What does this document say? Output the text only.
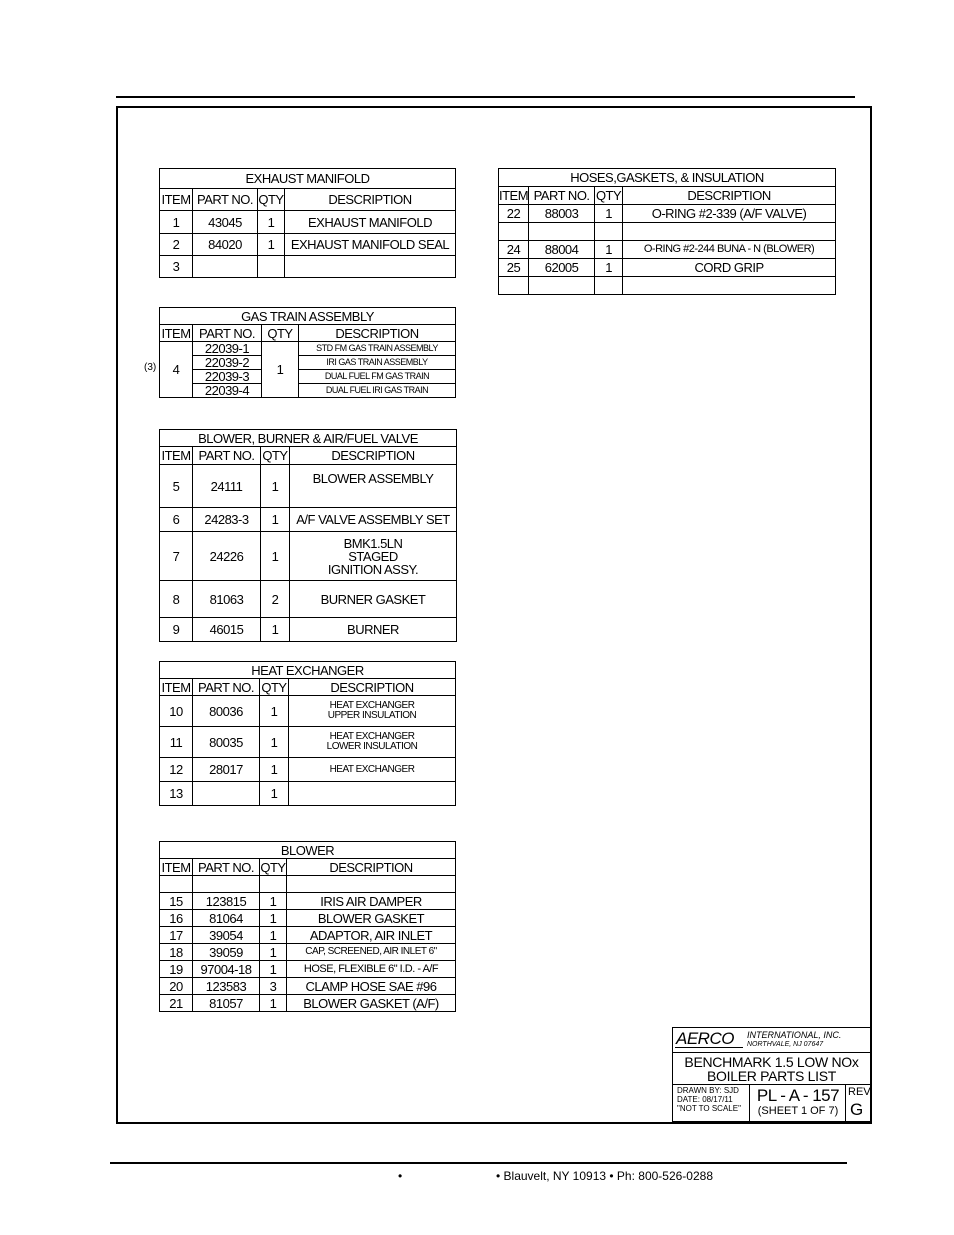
EXHAUST MANIFOLD			
ITEM	PART NO.	QTY	DESCRIPTION
1	43045	1	EXHAUST MANIFOLD
2	84020	1	EXHAUST MANIFOLD SEAL
3			
(3)
GAS TRAIN ASSEMBLY			
ITEM	PART NO.	QTY	DESCRIPTION
4	22039-1	1	STD FM GAS TRAIN ASSEMBLY
	22039-2		IRI GAS TRAIN ASSEMBLY
	22039-3		DUAL FUEL FM GAS TRAIN
	22039-4		DUAL FUEL IRI GAS TRAIN
BLOWER, BURNER & AIR/FUEL VALVE			
ITEM	PART NO.	QTY	DESCRIPTION
5	24111	1	BLOWER ASSEMBLY
6	24283-3	1	A/F VALVE ASSEMBLY SET
7	24226	1	BMK1.5LN STAGED IGNITION ASSY.
8	81063	2	BURNER GASKET
9	46015	1	BURNER
HEAT EXCHANGER			
ITEM	PART NO.	QTY	DESCRIPTION
10	80036	1	HEAT EXCHANGER UPPER INSULATION
11	80035	1	HEAT EXCHANGER LOWER INSULATION
12	28017	1	HEAT EXCHANGER
13		1	
BLOWER			
ITEM	PART NO.	QTY	DESCRIPTION

15	123815	1	IRIS AIR DAMPER
16	81064	1	BLOWER GASKET
17	39054	1	ADAPTOR, AIR INLET
18	39059	1	CAP, SCREENED, AIR INLET 6"
19	97004-18	1	HOSE, FLEXIBLE 6" I.D. - A/F
20	123583	3	CLAMP HOSE SAE #96
21	81057	1	BLOWER GASKET (A/F)
HOSES,GASKETS, & INSULATION			
ITEM	PART NO.	QTY	DESCRIPTION
22	88003	1	O-RING #2-339 (A/F VALVE)

24	88004	1	O-RING #2-244 BUNA - N (BLOWER)
25	62005	1	CORD GRIP

AERCO INTERNATIONAL, INC.
NORTHVALE, NJ 07647
BENCHMARK 1.5 LOW NOx
BOILER PARTS LIST
DRAWN BY: SJD
DATE: 08/17/11
"NOT TO SCALE"
PL - A - 157
(SHEET 1 OF 7)
REV
G
•	• Blauvelt, NY 10913 • Ph: 800-526-0288
